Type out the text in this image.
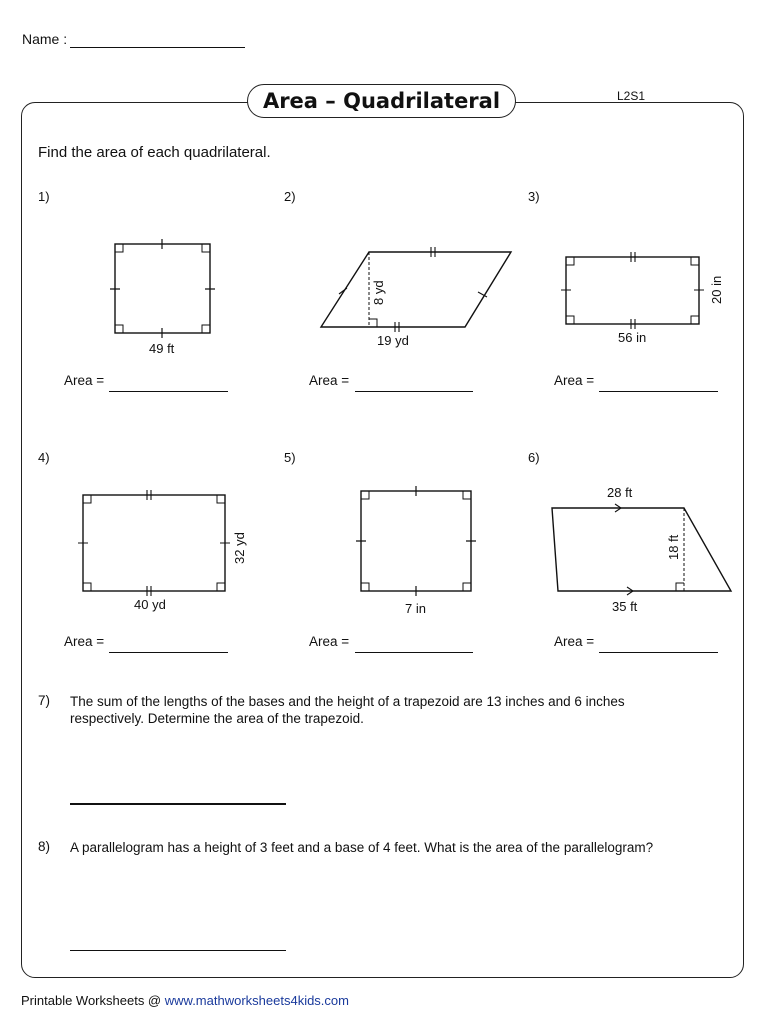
Name :
Area – Quadrilateral	L2S1
Find the area of each quadrilateral.
1)	2)	3)
4)	5)	6)
49 ft
19 yd
8 yd
56 in
20 in
40 yd
32 yd
7 in
28 ft
35 ft
18 ft
Area =	Area =	Area =
Area =	Area =	Area =
7) The sum of the lengths of the bases and the height of a trapezoid are 13 inches and 6 inches respectively. Determine the area of the trapezoid.
8) A parallelogram has a height of 3 feet and a base of 4 feet. What is the area of the parallelogram?
Printable Worksheets @ www.mathworksheets4kids.com
